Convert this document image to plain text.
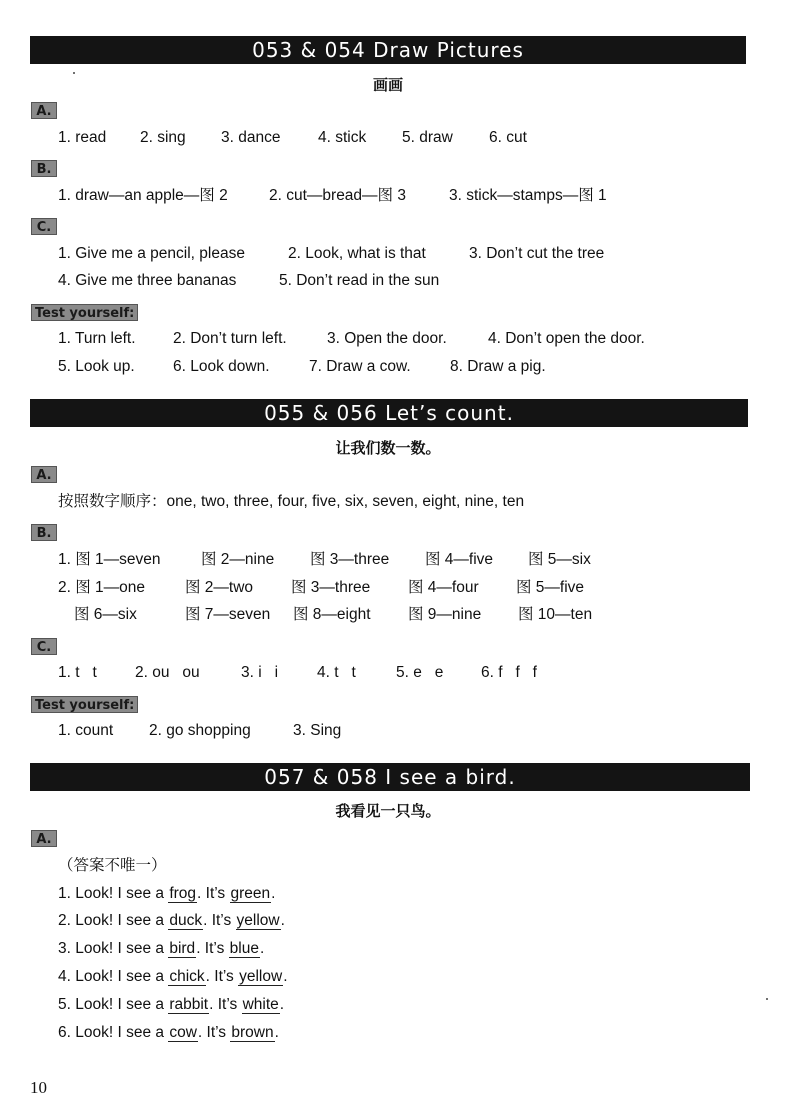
053 & 054 Draw Pictures
画画
A.
1. read 2. sing 3. dance 4. stick 5. draw 6. cut
B.
1. draw—an apple—图 2	2. cut—bread—图 3	3. stick—stamps—图 1
C.
1. Give me a pencil, please	2. Look, what is that	3. Don’t cut the tree
4. Give me three bananas	5. Don’t read in the sun
Test yourself:
1. Turn left. 2. Don’t turn left.	3. Open the door.	4. Don’t open the door.
5. Look up. 6. Look down.	7. Draw a cow.	8. Draw a pig.
055 & 056 Let’s count.
让我们数一数。
A.
按照数字顺序：one, two, three, four, five, six, seven, eight, nine, ten
B.
1. 图 1—seven	图 2—nine 图 3—three 图 4—five 图 5—six
2. 图 1—one	图 2—two 图 3—three 图 4—four 图 5—five
图 6—six	图 7—seven 图 8—eight 图 9—nine 图 10—ten
C.
1. t   t 2. ou   ou	3. i   i	4. t   t	5. e   e 6. f   f   f
Test yourself:
1. count 2. go shopping	3. Sing
057 & 058 I see a bird.
我看见一只鸟。
A.
（答案不唯一）
1. Look! I see a frog. It’s green.
2. Look! I see a duck. It’s yellow.
3. Look! I see a bird. It’s blue.
4. Look! I see a chick. It’s yellow.
5. Look! I see a rabbit. It’s white.
6. Look! I see a cow. It’s brown.
10
